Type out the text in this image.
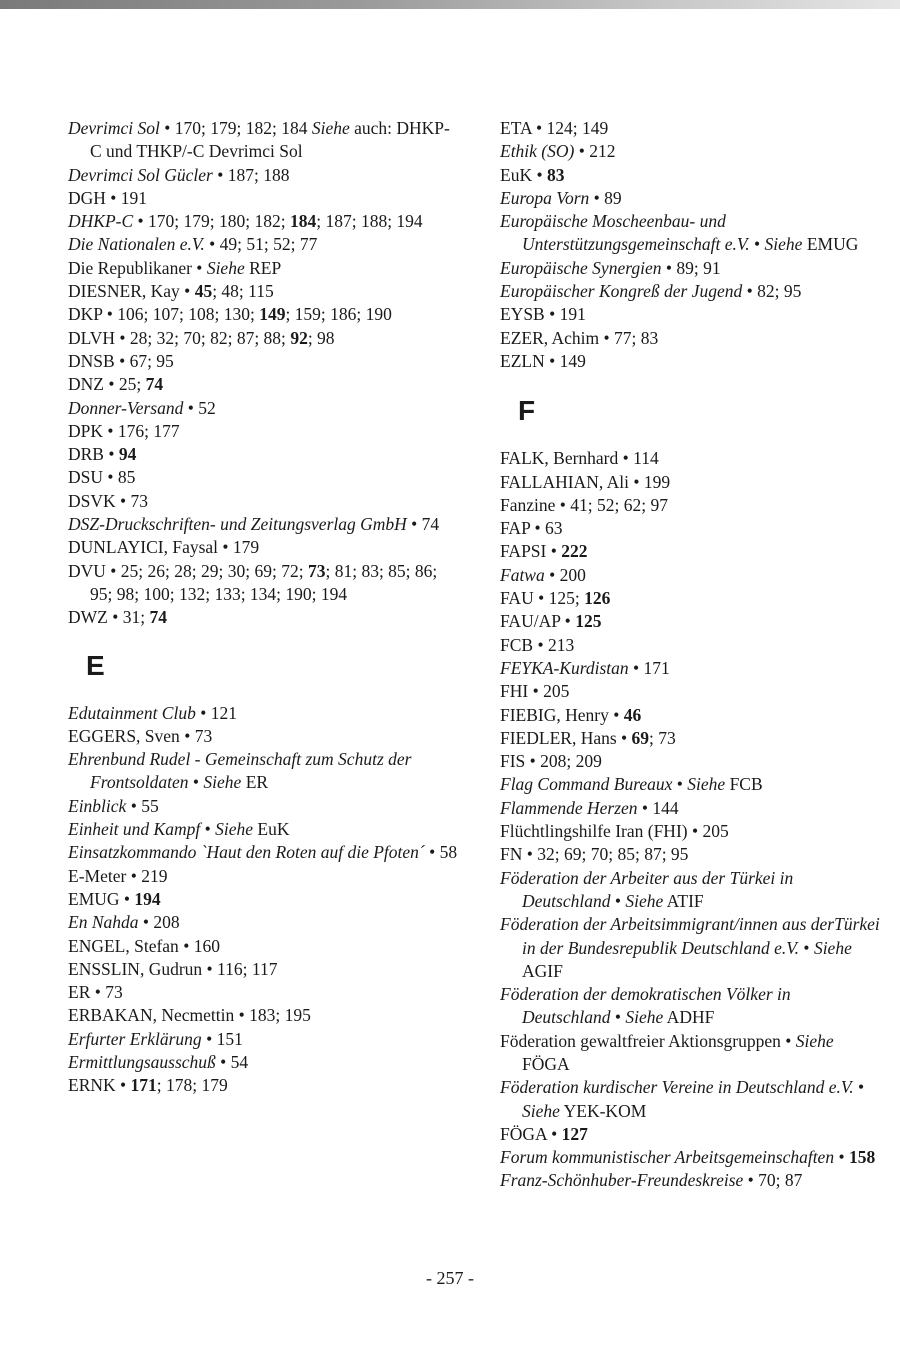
Devrimci Sol • 170; 179; 182; 184 Siehe auch: DHKP-C und THKP/-C Devrimci Sol
Devrimci Sol Gücler • 187; 188
DGH • 191
DHKP-C • 170; 179; 180; 182; 184; 187; 188; 194
Die Nationalen e.V. • 49; 51; 52; 77
Die Republikaner • Siehe REP
DIESNER, Kay • 45; 48; 115
DKP • 106; 107; 108; 130; 149; 159; 186; 190
DLVH • 28; 32; 70; 82; 87; 88; 92; 98
DNSB • 67; 95
DNZ • 25; 74
Donner-Versand • 52
DPK • 176; 177
DRB • 94
DSU • 85
DSVK • 73
DSZ-Druckschriften- und Zeitungsverlag GmbH • 74
DUNLAYICI, Faysal • 179
DVU • 25; 26; 28; 29; 30; 69; 72; 73; 81; 83; 85; 86; 95; 98; 100; 132; 133; 134; 190; 194
DWZ • 31; 74
E
Edutainment Club • 121
EGGERS, Sven • 73
Ehrenbund Rudel - Gemeinschaft zum Schutz der Frontsoldaten • Siehe ER
Einblick • 55
Einheit und Kampf • Siehe EuK
Einsatzkommando `Haut den Roten auf die Pfoten´ • 58
E-Meter • 219
EMUG • 194
En Nahda • 208
ENGEL, Stefan • 160
ENSSLIN, Gudrun • 116; 117
ER • 73
ERBAKAN, Necmettin • 183; 195
Erfurter Erklärung • 151
Ermittlungsausschuß • 54
ERNK • 171; 178; 179
ETA • 124; 149
Ethik (SO) • 212
EuK • 83
Europa Vorn • 89
Europäische Moscheenbau- und Unterstützungsgemeinschaft e.V. • Siehe EMUG
Europäische Synergien • 89; 91
Europäischer Kongreß der Jugend • 82; 95
EYSB • 191
EZER, Achim • 77; 83
EZLN • 149
F
FALK, Bernhard • 114
FALLAHIAN, Ali • 199
Fanzine • 41; 52; 62; 97
FAP • 63
FAPSI • 222
Fatwa • 200
FAU • 125; 126
FAU/AP • 125
FCB • 213
FEYKA-Kurdistan • 171
FHI • 205
FIEBIG, Henry • 46
FIEDLER, Hans • 69; 73
FIS • 208; 209
Flag Command Bureaux • Siehe FCB
Flammende Herzen • 144
Flüchtlingshilfe Iran (FHI) • 205
FN • 32; 69; 70; 85; 87; 95
Föderation der Arbeiter aus der Türkei in Deutschland • Siehe ATIF
Föderation der Arbeitsimmigrant/innen aus derTürkei in der Bundesrepublik Deutschland e.V. • Siehe AGIF
Föderation der demokratischen Völker in Deutschland • Siehe ADHF
Föderation gewaltfreier Aktionsgruppen • Siehe FÖGA
Föderation kurdischer Vereine in Deutschland e.V. • Siehe YEK-KOM
FÖGA • 127
Forum kommunistischer Arbeitsgemeinschaften • 158
Franz-Schönhuber-Freundeskreise • 70; 87
- 257 -
